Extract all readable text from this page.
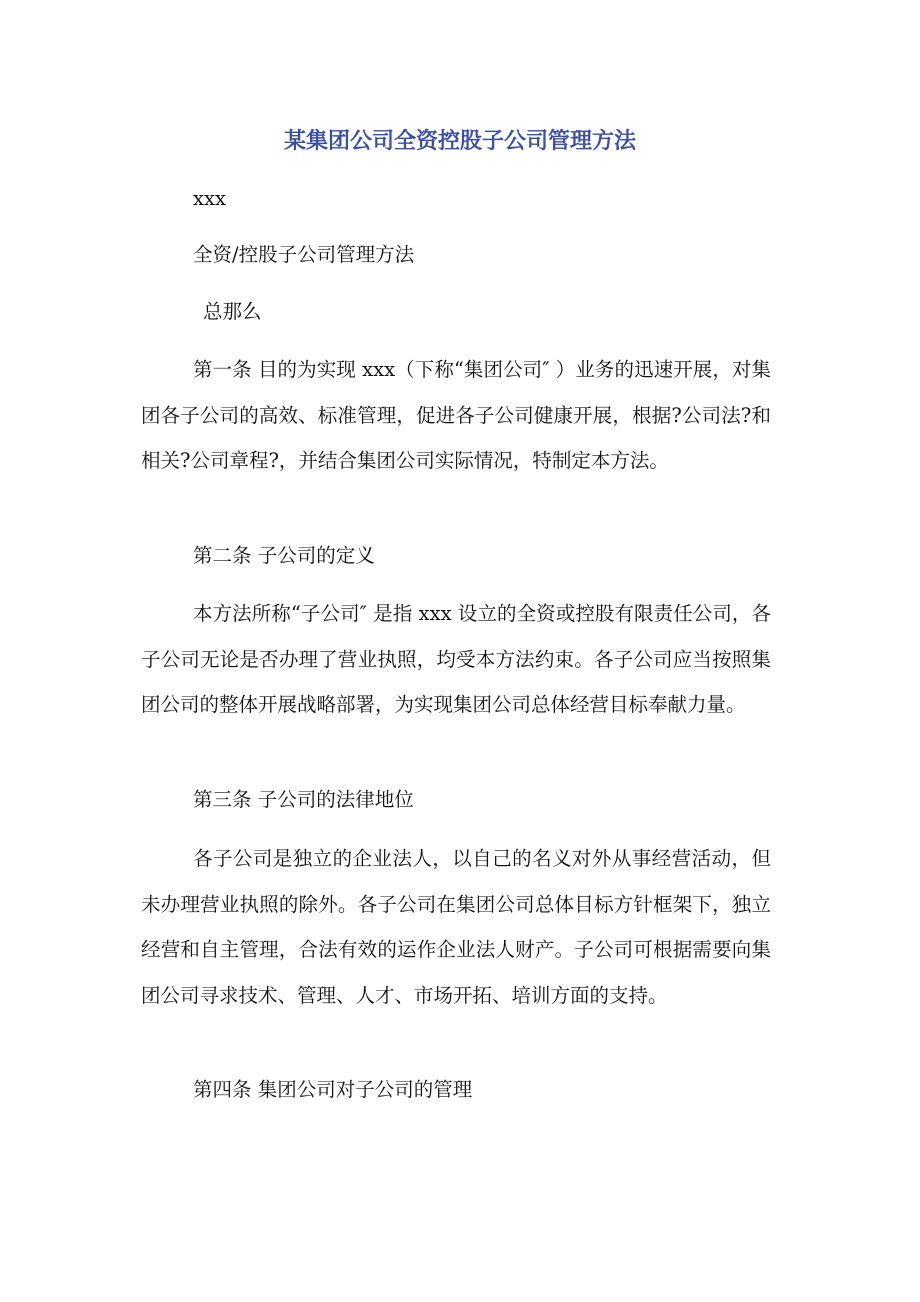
某集团公司全资控股子公司管理方法
xxx
全资/控股子公司管理方法
总那么
第一条 目的为实现 xxx（下称“集团公司″ ）业务的迅速开展，对集团各子公司的高效、标准管理，促进各子公司健康开展，根据?公司法?和相关?公司章程?，并结合集团公司实际情况，特制定本方法。
第二条 子公司的定义
本方法所称“子公司″ 是指 xxx 设立的全资或控股有限责任公司，各子公司无论是否办理了营业执照，均受本方法约束。各子公司应当按照集团公司的整体开展战略部署，为实现集团公司总体经营目标奉献力量。
第三条 子公司的法律地位
各子公司是独立的企业法人，以自己的名义对外从事经营活动，但未办理营业执照的除外。各子公司在集团公司总体目标方针框架下，独立经营和自主管理，合法有效的运作企业法人财产。子公司可根据需要向集团公司寻求技术、管理、人才、市场开拓、培训方面的支持。
第四条 集团公司对子公司的管理
